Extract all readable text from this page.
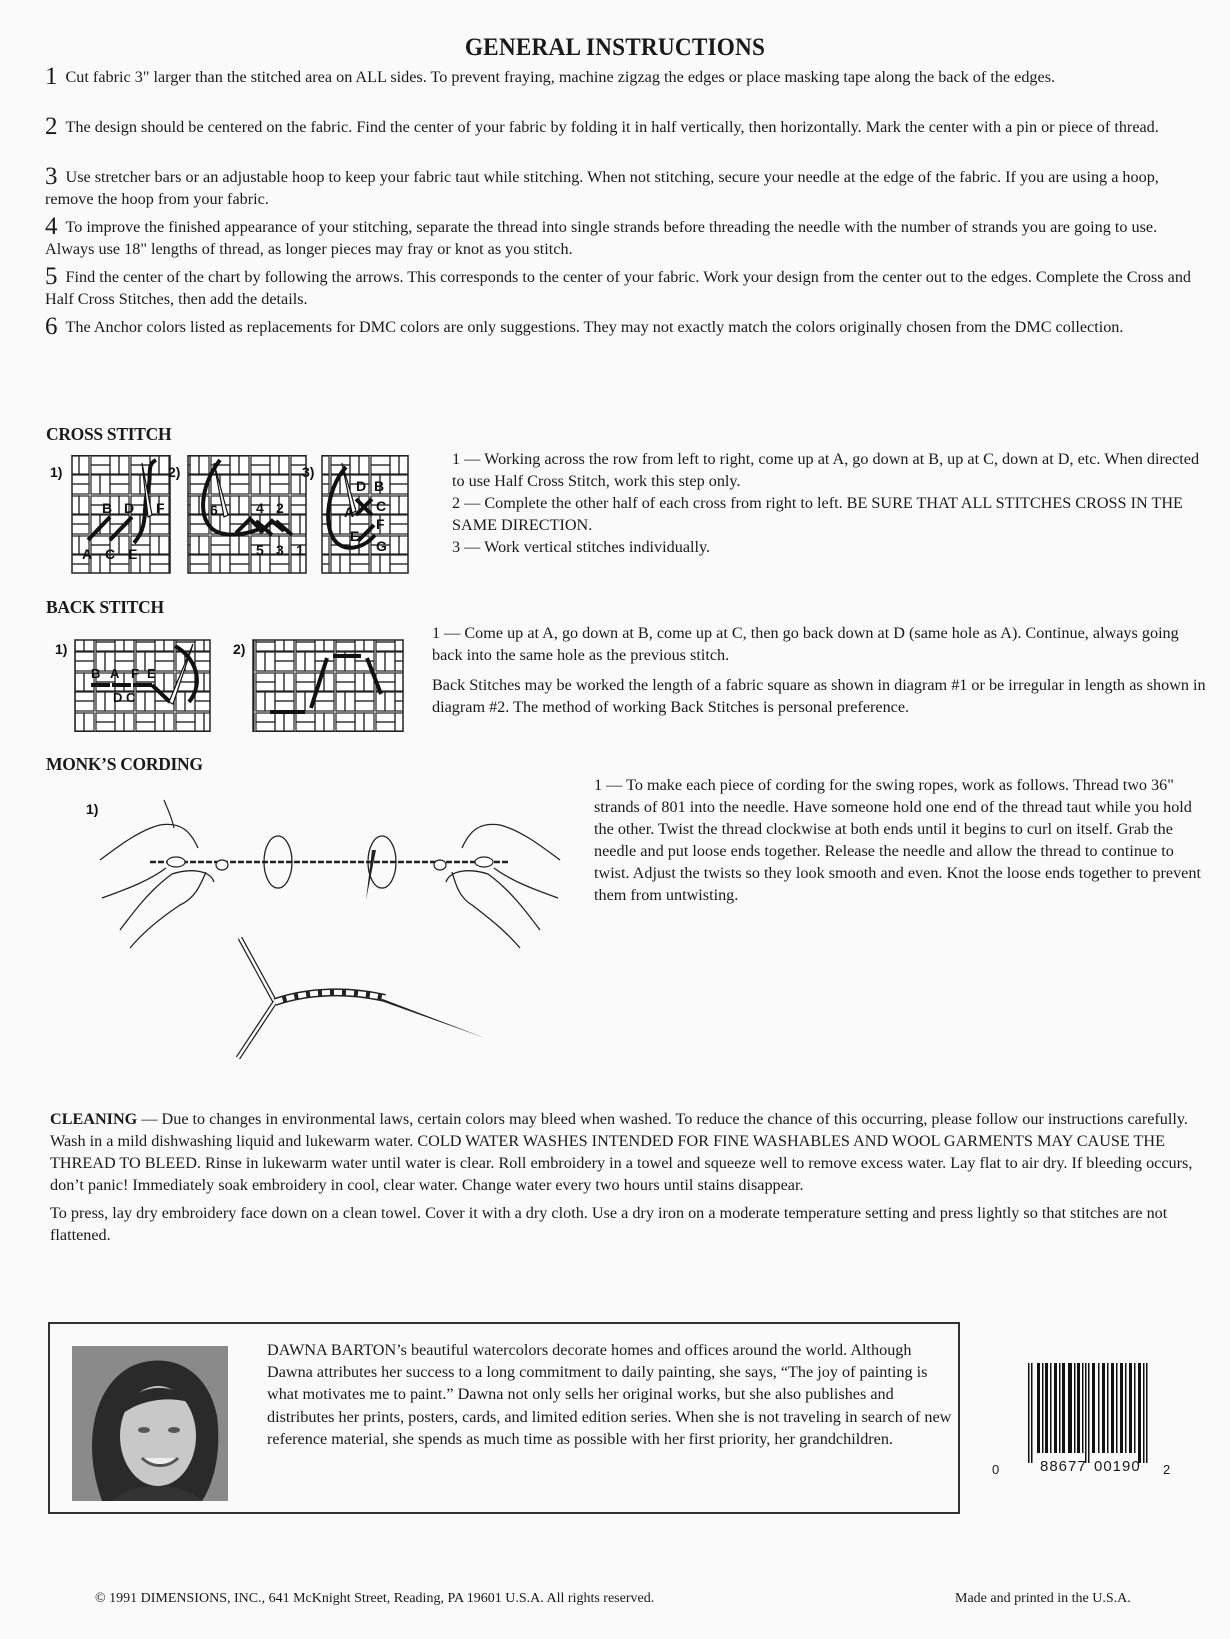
GENERAL INSTRUCTIONS
1 Cut fabric 3" larger than the stitched area on ALL sides. To prevent fraying, machine zigzag the edges or place masking tape along the back of the edges.
2 The design should be centered on the fabric. Find the center of your fabric by folding it in half vertically, then horizontally. Mark the center with a pin or piece of thread.
3 Use stretcher bars or an adjustable hoop to keep your fabric taut while stitching. When not stitching, secure your needle at the edge of the fabric. If you are using a hoop, remove the hoop from your fabric.
4 To improve the finished appearance of your stitching, separate the thread into single strands before threading the needle with the number of strands you are going to use. Always use 18" lengths of thread, as longer pieces may fray or knot as you stitch.
5 Find the center of the chart by following the arrows. This corresponds to the center of your fabric. Work your design from the center out to the edges. Complete the Cross and Half Cross Stitches, then add the details.
6 The Anchor colors listed as replacements for DMC colors are only suggestions. They may not exactly match the colors originally chosen from the DMC collection.
CROSS STITCH
1)
B D F
A C E
2)
6	4 2
5 3 1
3)
D B
A C
F
E
G
1 — Working across the row from left to right, come up at A, go down at B, up at C, down at D, etc. When directed to use Half Cross Stitch, work this step only.
2 — Complete the other half of each cross from right to left. BE SURE THAT ALL STITCHES CROSS IN THE SAME DIRECTION.
3 — Work vertical stitches individually.
BACK STITCH
1)
B A F E
D C
2)
1 — Come up at A, go down at B, come up at C, then go back down at D (same hole as A). Continue, always going back into the same hole as the previous stitch.
Back Stitches may be worked the length of a fabric square as shown in diagram #1 or be irregular in length as shown in diagram #2. The method of working Back Stitches is personal preference.
MONK’S CORDING
1)
1 — To make each piece of cording for the swing ropes, work as follows. Thread two 36" strands of 801 into the needle. Have someone hold one end of the thread taut while you hold the other. Twist the thread clockwise at both ends until it begins to curl on itself. Grab the needle and put loose ends together. Release the needle and allow the thread to continue to twist. Adjust the twists so they look smooth and even. Knot the loose ends together to prevent them from untwisting.
CLEANING — Due to changes in environmental laws, certain colors may bleed when washed. To reduce the chance of this occurring, please follow our instructions carefully. Wash in a mild dishwashing liquid and lukewarm water. COLD WATER WASHES INTENDED FOR FINE WASHABLES AND WOOL GARMENTS MAY CAUSE THE THREAD TO BLEED. Rinse in lukewarm water until water is clear. Roll embroidery in a towel and squeeze well to remove excess water. Lay flat to air dry. If bleeding occurs, don’t panic! Immediately soak embroidery in cool, clear water. Change water every two hours until stains disappear.
To press, lay dry embroidery face down on a clean towel. Cover it with a dry cloth. Use a dry iron on a moderate temperature setting and press lightly so that stitches are not flattened.
DAWNA BARTON’s beautiful watercolors decorate homes and offices around the world. Although Dawna attributes her success to a long commitment to daily painting, she says, “The joy of painting is what motivates me to paint.” Dawna not only sells her original works, but she also publishes and distributes her prints, posters, cards, and limited edition series. When she is not traveling in search of new reference material, she spends as much time as possible with her first priority, her grandchildren.
0	88677 00190 2
© 1991 DIMENSIONS, INC., 641 McKnight Street, Reading, PA 19601 U.S.A. All rights reserved.	Made and printed in the U.S.A.
